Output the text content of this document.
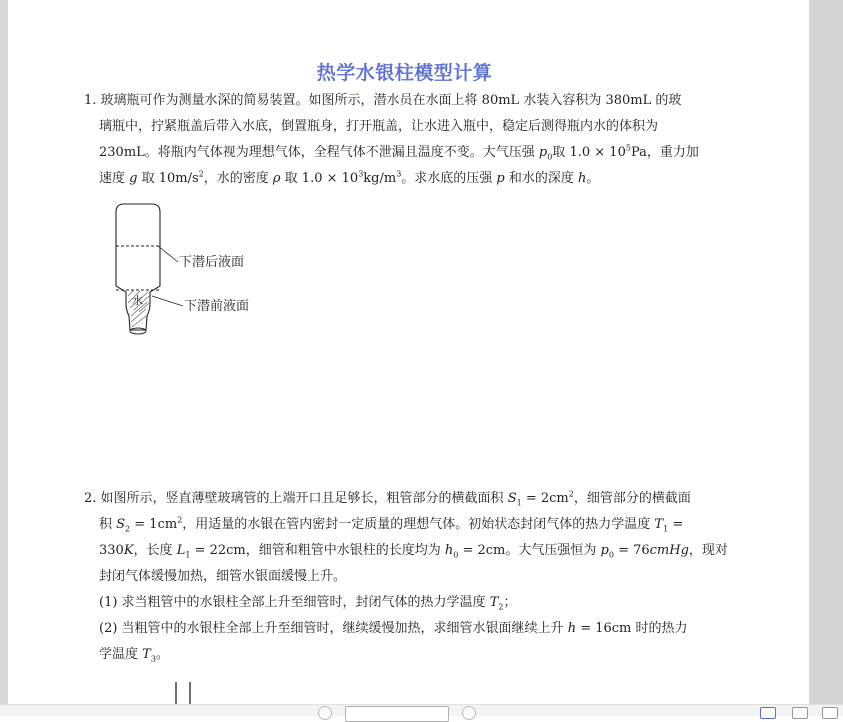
热学水银柱模型计算

1. 玻璃瓶可作为测量水深的简易装置。如图所示，潜水员在水面上将 80mL 水装入容积为 380mL 的玻

璃瓶中，拧紧瓶盖后带入水底，倒置瓶身，打开瓶盖，让水进入瓶中，稳定后测得瓶内水的体积为

230mL。将瓶内气体视为理想气体，全程气体不泄漏且温度不变。大气压强 $p_0$取 $1.0 \times 10^5Pa$，重力加

速度 g 取 $10m/s^2$，水的密度 ρ 取 $1.0 \times 10^3kg/m^3$。求水底的压强 p 和水的深度 h。

水
下潜后液面
下潜前液面

2. 如图所示，竖直薄壁玻璃管的上端开口且足够长，粗管部分的横截面积 $S_1 = 2cm^2$，细管部分的横截面

积 $S_2 = 1cm^2$，用适量的水银在管内密封一定质量的理想气体。初始状态封闭气体的热力学温度 $T_1$ =

330K，长度 $L_1 = 22cm$，细管和粗管中水银柱的长度均为 $h_0 = 2cm$。大气压强恒为 $p_0$ = 76cmHg，现对

封闭气体缓慢加热，细管水银面缓慢上升。

(1) 求当粗管中的水银柱全部上升至细管时，封闭气体的热力学温度 $T_2$；

(2) 当粗管中的水银柱全部上升至细管时，继续缓慢加热，求细管水银面继续上升 h = 16cm 时的热力

学温度 $T_3$。
